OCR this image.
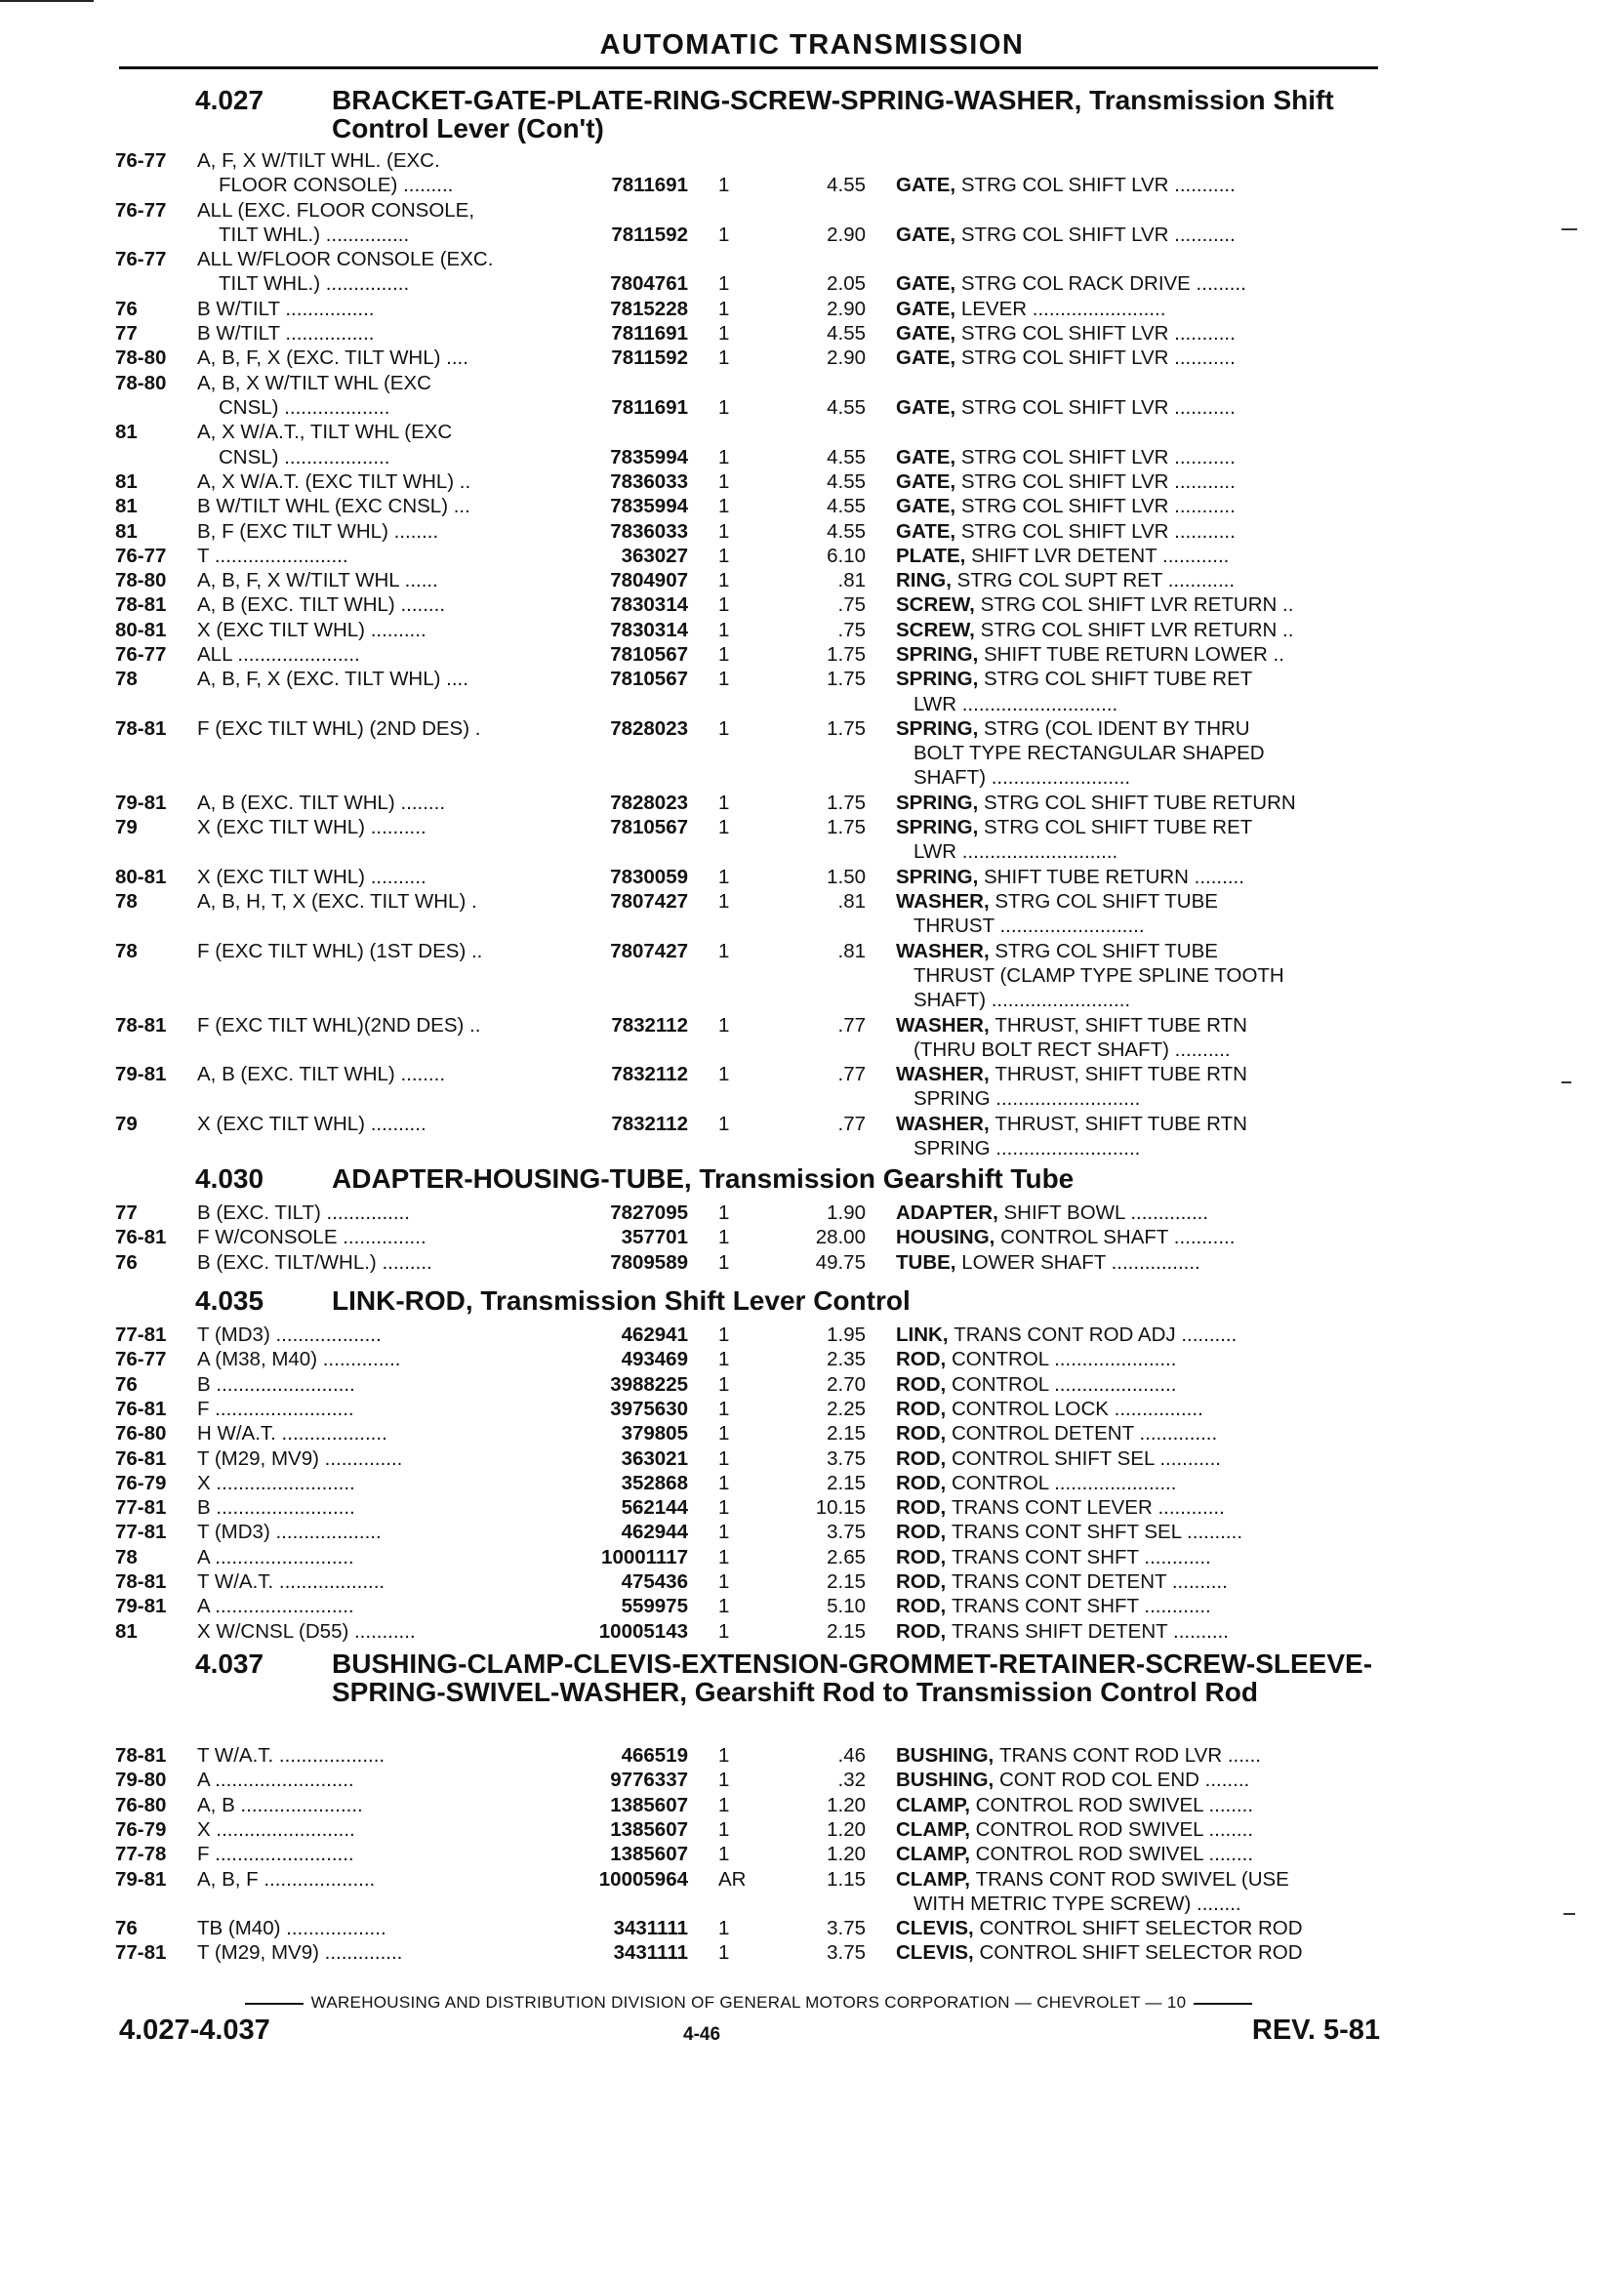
AUTOMATIC TRANSMISSION
4.027 BRACKET-GATE-PLATE-RING-SCREW-SPRING-WASHER, Transmission Shift Control Lever (Con't)
76-77	A, F, X W/TILT WHL. (EXC.
FLOOR CONSOLE) .........	7811691 1	4.55 GATE, STRG COL SHIFT LVR ...........
76-77	ALL (EXC. FLOOR CONSOLE,
TILT WHL.) ...............	7811592 1	2.90 GATE, STRG COL SHIFT LVR ...........
76-77	ALL W/FLOOR CONSOLE (EXC.
TILT WHL.) ...............	7804761 1	2.05 GATE, STRG COL RACK DRIVE .........
76	B W/TILT ................	7815228 1	2.90 GATE, LEVER ........................
77	B W/TILT ................	7811691 1	4.55 GATE, STRG COL SHIFT LVR ...........
78-80	A, B, F, X (EXC. TILT WHL) ....	7811592 1	2.90 GATE, STRG COL SHIFT LVR ...........
78-80	A, B, X W/TILT WHL (EXC
CNSL) ...................	7811691 1	4.55 GATE, STRG COL SHIFT LVR ...........
81	A, X W/A.T., TILT WHL (EXC
CNSL) ...................	7835994 1	4.55 GATE, STRG COL SHIFT LVR ...........
81	A, X W/A.T. (EXC TILT WHL) ..	7836033 1	4.55 GATE, STRG COL SHIFT LVR ...........
81	B W/TILT WHL (EXC CNSL) ...	7835994 1	4.55 GATE, STRG COL SHIFT LVR ...........
81	B, F (EXC TILT WHL) ........	7836033 1	4.55 GATE, STRG COL SHIFT LVR ...........
76-77	T ........................	363027 1	6.10 PLATE, SHIFT LVR DETENT ............
78-80	A, B, F, X W/TILT WHL ......	7804907 1	.81 RING, STRG COL SUPT RET ............
78-81	A, B (EXC. TILT WHL) ........	7830314 1	.75 SCREW, STRG COL SHIFT LVR RETURN ..
80-81	X (EXC TILT WHL) ..........	7830314 1	.75 SCREW, STRG COL SHIFT LVR RETURN ..
76-77	ALL ......................	7810567 1	1.75 SPRING, SHIFT TUBE RETURN LOWER ..
78	A, B, F, X (EXC. TILT WHL) ....	7810567 1	1.75 SPRING, STRG COL SHIFT TUBE RET
LWR ............................
78-81	F (EXC TILT WHL) (2ND DES) .	7828023 1	1.75 SPRING, STRG (COL IDENT BY THRU
BOLT TYPE RECTANGULAR SHAPED
SHAFT) .........................
79-81	A, B (EXC. TILT WHL) ........	7828023 1	1.75 SPRING, STRG COL SHIFT TUBE RETURN
79	X (EXC TILT WHL) ..........	7810567 1	1.75 SPRING, STRG COL SHIFT TUBE RET
LWR ............................
80-81	X (EXC TILT WHL) ..........	7830059 1	1.50 SPRING, SHIFT TUBE RETURN .........
78	A, B, H, T, X (EXC. TILT WHL) .	7807427 1	.81 WASHER, STRG COL SHIFT TUBE
THRUST ..........................
78	F (EXC TILT WHL) (1ST DES) ..	7807427 1	.81 WASHER, STRG COL SHIFT TUBE
THRUST (CLAMP TYPE SPLINE TOOTH
SHAFT) .........................
78-81	F (EXC TILT WHL)(2ND DES) ..	7832112 1	.77 WASHER, THRUST, SHIFT TUBE RTN
(THRU BOLT RECT SHAFT) ..........
79-81	A, B (EXC. TILT WHL) ........	7832112 1	.77 WASHER, THRUST, SHIFT TUBE RTN
SPRING ..........................
79	X (EXC TILT WHL) ..........	7832112 1	.77 WASHER, THRUST, SHIFT TUBE RTN
SPRING ..........................
4.030 ADAPTER-HOUSING-TUBE, Transmission Gearshift Tube
77	B (EXC. TILT) ...............	7827095 1	1.90 ADAPTER, SHIFT BOWL ..............
76-81	F W/CONSOLE ...............	357701 1	28.00 HOUSING, CONTROL SHAFT ...........
76	B (EXC. TILT/WHL.) .........	7809589 1	49.75 TUBE, LOWER SHAFT ................
4.035 LINK-ROD, Transmission Shift Lever Control
77-81	T (MD3) ...................	462941 1	1.95 LINK, TRANS CONT ROD ADJ ..........
76-77	A (M38, M40) ..............	493469 1	2.35 ROD, CONTROL ......................
76	B .........................	3988225 1	2.70 ROD, CONTROL ......................
76-81	F .........................	3975630 1	2.25 ROD, CONTROL LOCK ................
76-80	H W/A.T. ...................	379805 1	2.15 ROD, CONTROL DETENT ..............
76-81	T (M29, MV9) ..............	363021 1	3.75 ROD, CONTROL SHIFT SEL ...........
76-79	X .........................	352868 1	2.15 ROD, CONTROL ......................
77-81	B .........................	562144 1	10.15 ROD, TRANS CONT LEVER ............
77-81	T (MD3) ...................	462944 1	3.75 ROD, TRANS CONT SHFT SEL ..........
78	A .........................	10001117 1	2.65 ROD, TRANS CONT SHFT ............
78-81	T W/A.T. ...................	475436 1	2.15 ROD, TRANS CONT DETENT ..........
79-81	A .........................	559975 1	5.10 ROD, TRANS CONT SHFT ............
81	X W/CNSL (D55) ...........	10005143 1	2.15 ROD, TRANS SHIFT DETENT ..........
4.037 BUSHING-CLAMP-CLEVIS-EXTENSION-GROMMET-RETAINER-SCREW-SLEEVE-SPRING-SWIVEL-WASHER, Gearshift Rod to Transmission Control Rod
78-81	T W/A.T. ...................	466519 1	.46 BUSHING, TRANS CONT ROD LVR ......
79-80	A .........................	9776337 1	.32 BUSHING, CONT ROD COL END ........
76-80	A, B ......................	1385607 1	1.20 CLAMP, CONTROL ROD SWIVEL ........
76-79	X .........................	1385607 1	1.20 CLAMP, CONTROL ROD SWIVEL ........
77-78	F .........................	1385607 1	1.20 CLAMP, CONTROL ROD SWIVEL ........
79-81	A, B, F ....................	10005964 AR	1.15 CLAMP, TRANS CONT ROD SWIVEL (USE
WITH METRIC TYPE SCREW) ........
76	TB (M40) ..................	3431111 1	3.75 CLEVIS, CONTROL SHIFT SELECTOR ROD
77-81	T (M29, MV9) ..............	3431111 1	3.75 CLEVIS, CONTROL SHIFT SELECTOR ROD
WAREHOUSING AND DISTRIBUTION DIVISION OF GENERAL MOTORS CORPORATION — CHEVROLET — 10
4.027-4.037	4-46	REV. 5-81
